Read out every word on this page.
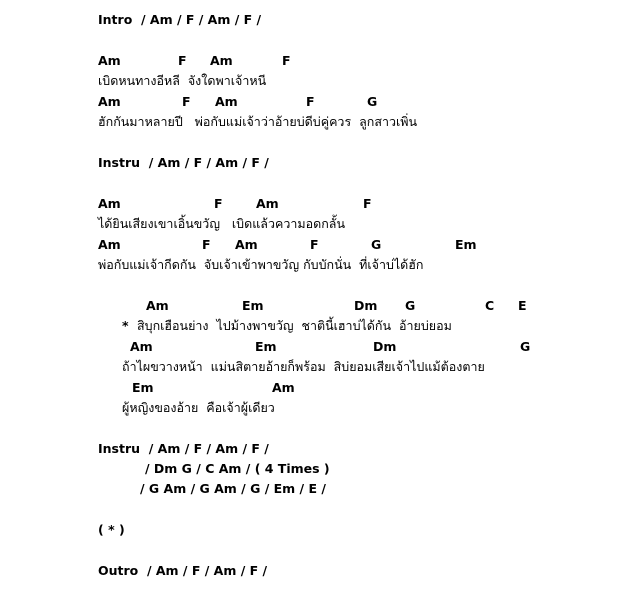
Intro  / Am / F / Am / F /
Am	F Am	F
เบิดหนทางอีหลี  จังใดพาเจ้าหนี
Am	F Am	F	G
ฮักกันมาหลายปี   พ่อกับแม่เจ้าว่าอ้ายบ่ดีบ่คู่ควร  ลูกสาวเพิ่น
Instru  / Am / F / Am / F /
Am	F	Am	F
ได้ยินเสียงเขาเอิ้นขวัญ   เบิดแล้วความอดกลั้น
Am	F Am	F	G	Em
พ่อกับแม่เจ้ากีดกัน  จับเจ้าเข้าพาขวัญ กับบักนั่น  ที่เจ้าบ่ได้ฮัก
Am	Em	Dm G	C E
* สิบุกเฮือนย่าง  ไปม้างพาขวัญ  ชาตินี้เฮาบ่ได้กัน  อ้ายบ่ยอม
Am	Em	Dm	G
ถ้าไผขวางหน้า  แม่นสิตายอ้ายก็พร้อม  สิบ่ยอมเสียเจ้าไปแม้ต้องตาย
Em	Am
ผู้หญิงของอ้าย  คือเจ้าผู้เดียว
Instru  / Am / F / Am / F /
/ Dm G / C Am / ( 4 Times )
/ G Am / G Am / G / Em / E /
( * )
Outro  / Am / F / Am / F /
